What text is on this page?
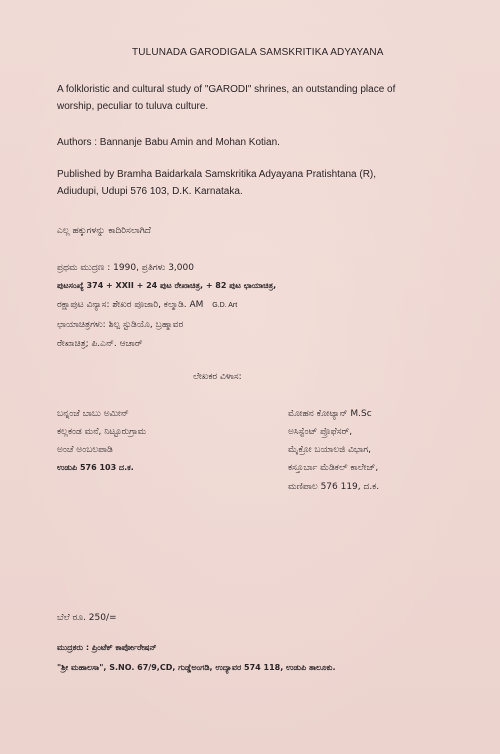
TULUNADA GARODIGALA SAMSKRITIKA ADYAYANA
A folkloristic and cultural study of "GARODI" shrines, an outstanding place of
worship, peculiar to tuluva culture.
Authors : Bannanje Babu Amin and Mohan Kotian.
Published by Bramha Baidarkala Samskritika Adyayana Pratishtana (R),
Adiudupi, Udupi 576 103, D.K. Karnataka.
ಎಲ್ಲ ಹಕ್ಕುಗಳನ್ನು ಕಾದಿರಿಸಲಾಗಿದೆ
ಪ್ರಥಮ ಮುದ್ರಣ : 1990, ಪ್ರತಿಗಳು 3,000
ಪುಟಸಂಖ್ಯೆ 374 + XXII + 24 ಪುಟ ರೇಖಾಚಿತ್ರ, + 82 ಪುಟ ಛಾಯಾಚಿತ್ರ,
ರಕ್ಷಾಪುಟ ವಿನ್ಯಾಸ: ಶೇಖರ ಪೂಜಾರಿ, ಕಲ್ಮಾಡಿ. AM G.D. Art
ಛಾಯಾಚಿತ್ರಗಳು: ಶಿಲ್ಪ ಸ್ಟುಡಿಯೊ, ಬ್ರಹ್ಮಾವರ
ರೇಖಾಚಿತ್ರ; ಪಿ.ಎನ್. ಆಚಾರ್
ಲೇಖಕರ ವಿಳಾಸ:
ಬನ್ನಂಜೆ ಬಾಬು ಅಮೀನ್
ಕಲ್ಲಕಂಡ ಮನೆ, ನಿಟ್ಟೂರುಗ್ರಾಮ
ಅಂಚೆ ಅಂಬಲಪಾಡಿ
ಉಡುಪಿ 576 103 ದ.ಕ.
ಮೋಹನ ಕೋಟ್ಯಾನ್ M.Sc
ಅಸಿಸ್ಟೆಂಟ್ ಪ್ರೊಫೆಸರ್,
ಮೈಕ್ರೋ ಬಯಾಲಜಿ ವಿಭಾಗ,
ಕಸ್ತೂರ್ಬಾ ಮೆಡಿಕಲ್ ಕಾಲೇಜ್,
ಮಣಿಪಾಲ 576 119, ದ.ಕ.
ಬೆಲೆ ರೂ. 250/=
ಮುದ್ರಕರು : ಪ್ರಿಂಟೆಕ್ ಕಾರ್ಪೋರೇಷನ್
"ಶ್ರೀ ಮಹಾಲಸಾ", S.NO. 67/9,CD, ಗುಡ್ಡೆಅಂಗಡಿ, ಉದ್ಯಾವರ 574 118, ಉಡುಪಿ ತಾಲೂಕು.
